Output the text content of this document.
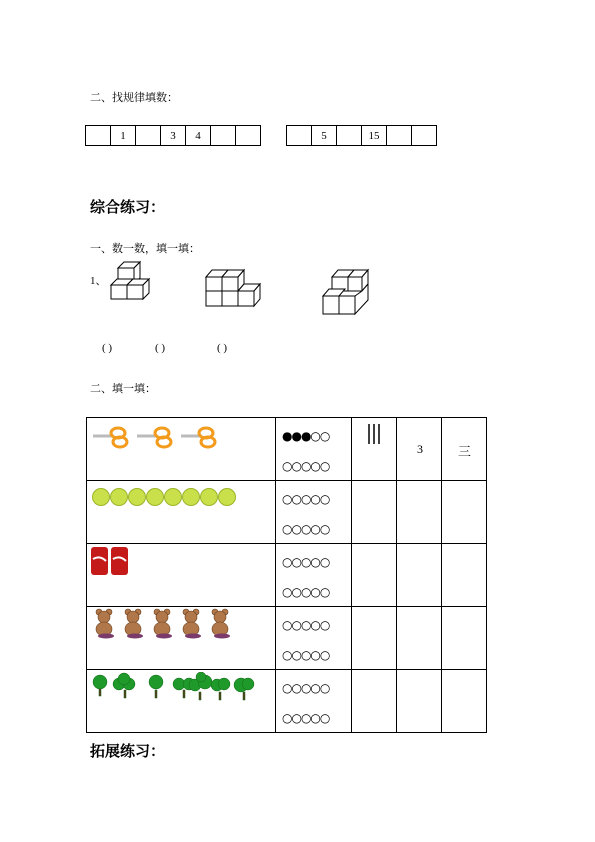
二、找规律填数：
	1		3	4		
		5		15		
综合练习：
一、数一数，填一填：
1、
( )	( )	( )
二、填一填：

●●●○○
○○○○○		3	三

○○○○○
○○○○○			

○○○○○
○○○○○			

○○○○○
○○○○○			

○○○○○
○○○○○			

拓展练习：
